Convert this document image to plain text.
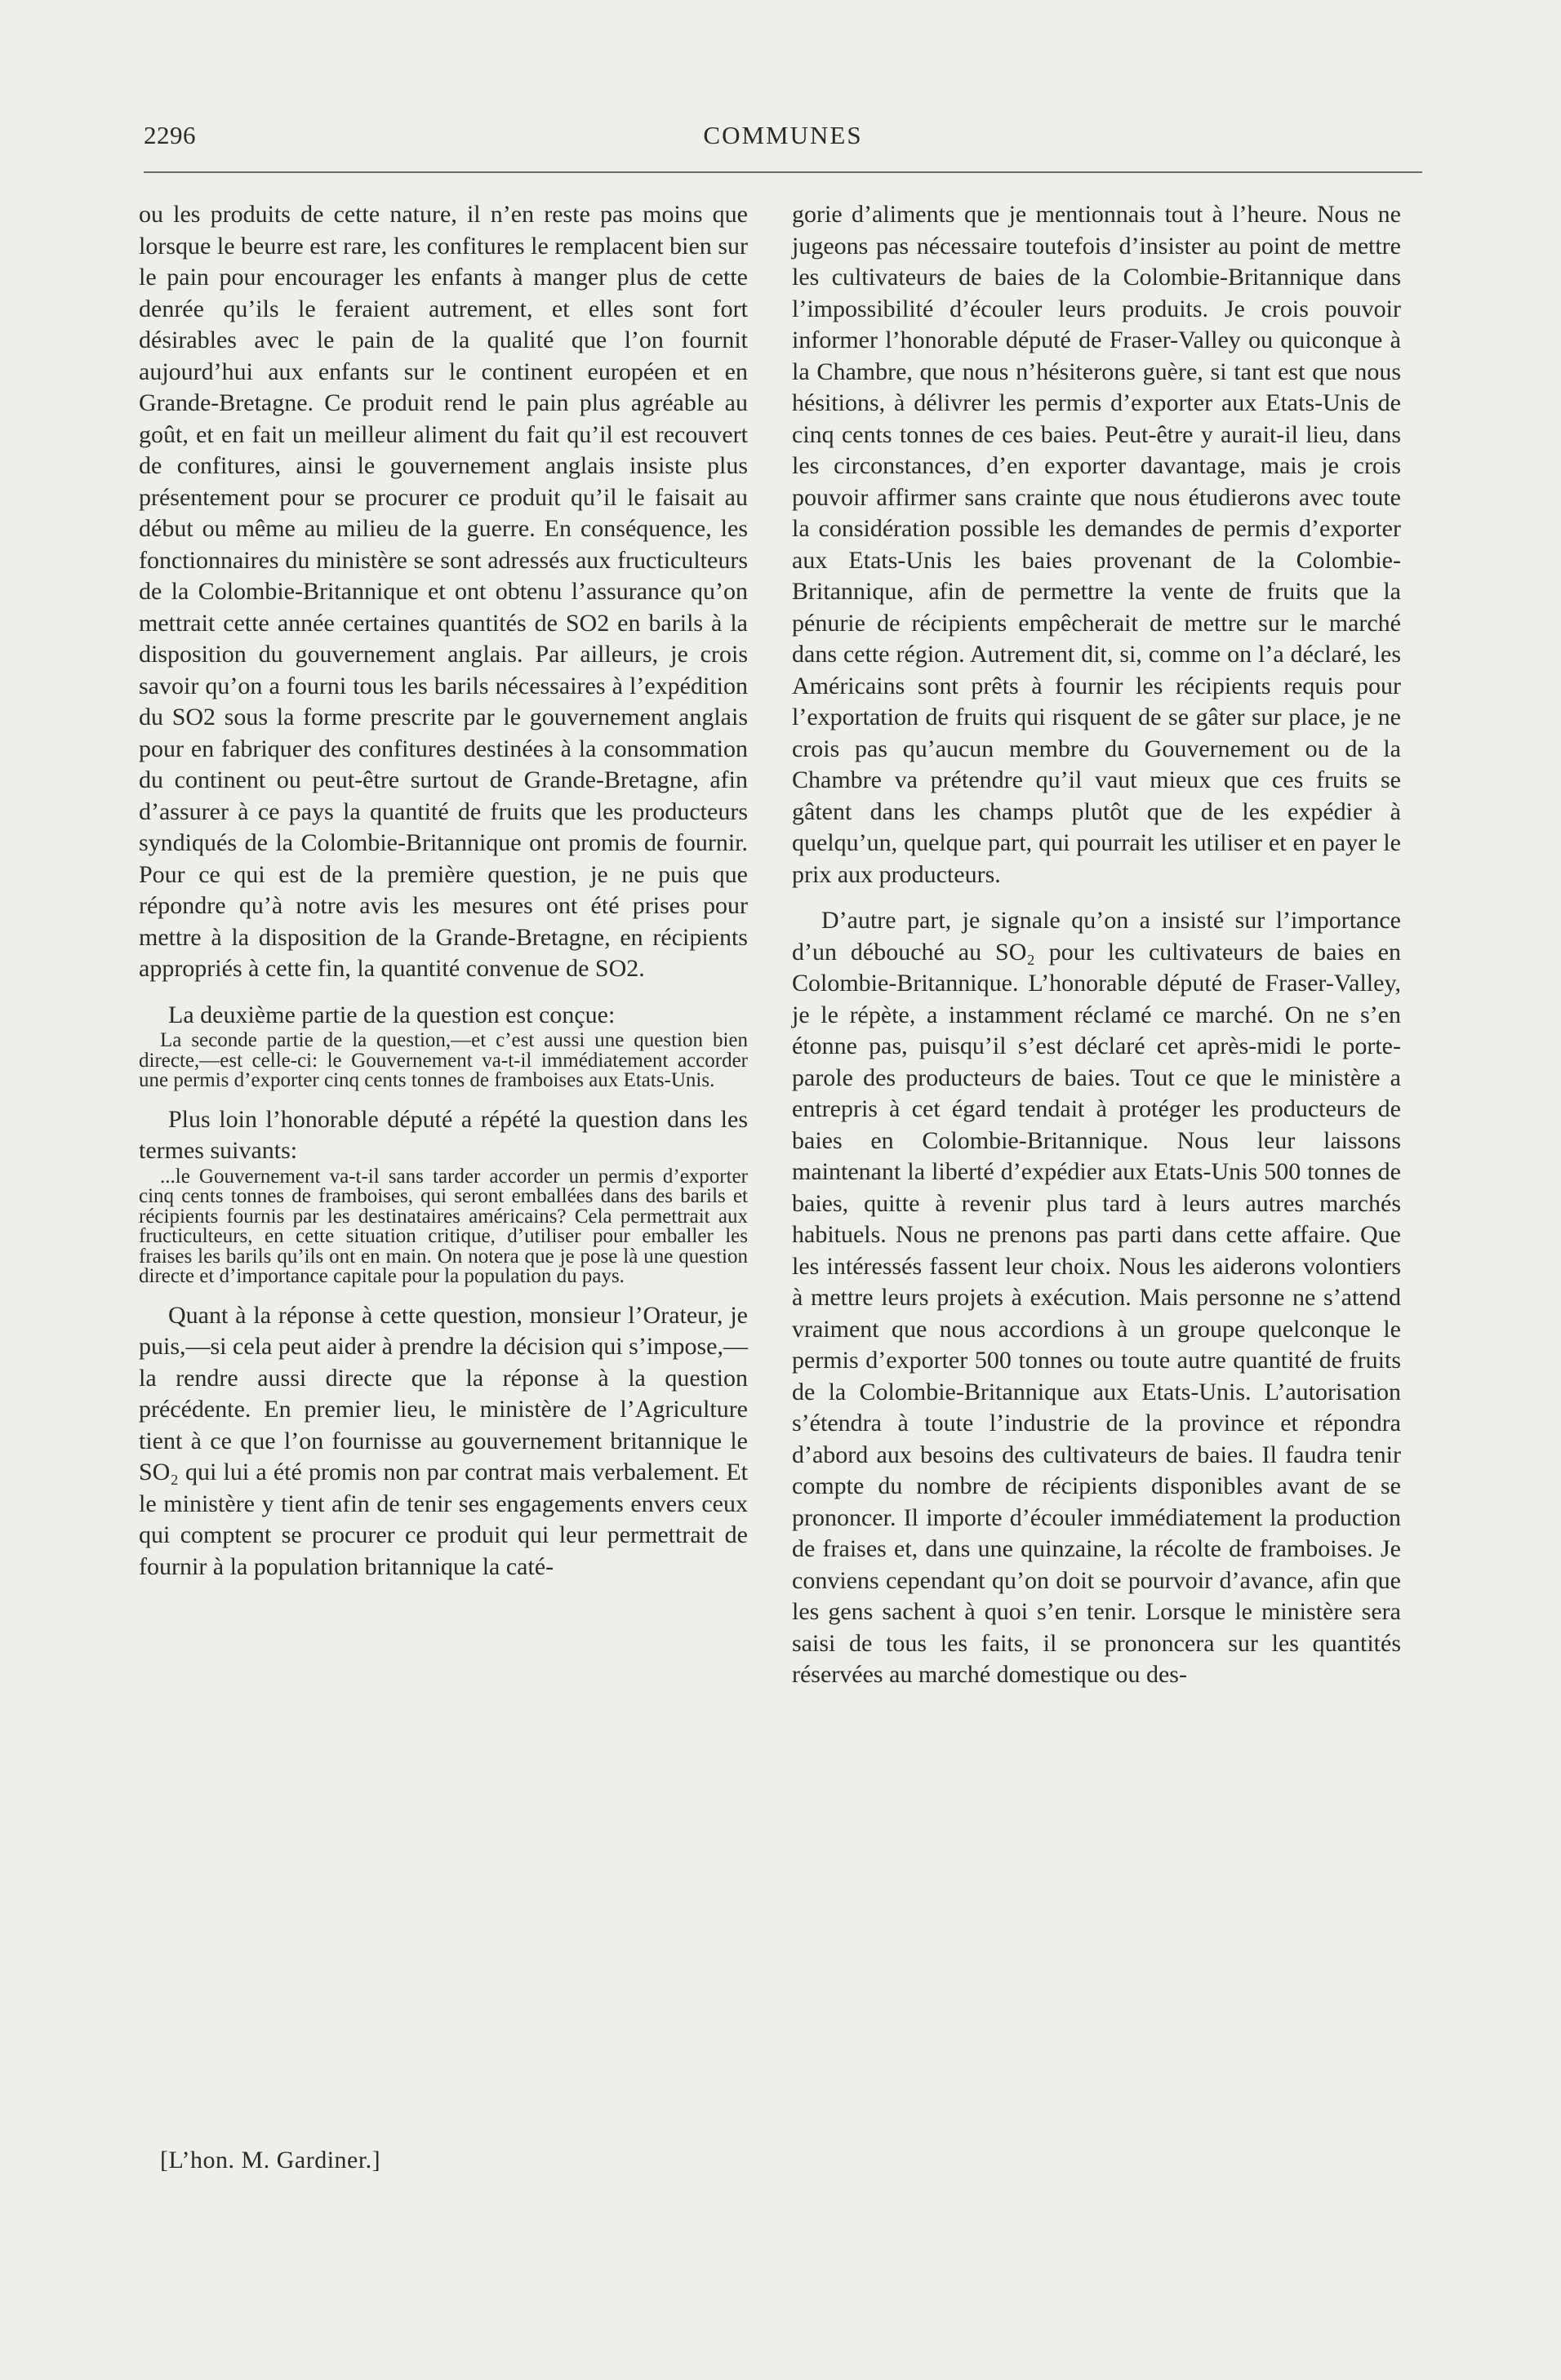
2296	COMMUNES

ou les produits de cette nature, il n’en reste pas moins que lorsque le beurre est rare, les confitures le remplacent bien sur le pain pour encourager les enfants à manger plus de cette denrée qu’ils le feraient autrement, et elles sont fort désirables avec le pain de la qualité que l’on fournit aujourd’hui aux enfants sur le continent européen et en Grande-Bretagne. Ce produit rend le pain plus agréable au goût, et en fait un meilleur aliment du fait qu’il est recouvert de confitures, ainsi le gouvernement anglais insiste plus présentement pour se procurer ce produit qu’il le faisait au début ou même au milieu de la guerre. En conséquence, les fonctionnaires du ministère se sont adressés aux fructiculteurs de la Colombie-Britannique et ont obtenu l’assurance qu’on mettrait cette année certaines quantités de SO2 en barils à la disposition du gouvernement anglais. Par ailleurs, je crois savoir qu’on a fourni tous les barils nécessaires à l’expédition du SO2 sous la forme prescrite par le gouvernement anglais pour en fabriquer des confitures destinées à la consommation du continent ou peut-être surtout de Grande-Bretagne, afin d’assurer à ce pays la quantité de fruits que les producteurs syndiqués de la Colombie-Britannique ont promis de fournir. Pour ce qui est de la première question, je ne puis que répondre qu’à notre avis les mesures ont été prises pour mettre à la disposition de la Grande-Bretagne, en récipients appropriés à cette fin, la quantité convenue de SO2.

La deuxième partie de la question est conçue:

La seconde partie de la question,—et c’est aussi une question bien directe,—est celle-ci: le Gouvernement va-t-il immédiatement accorder une permis d’exporter cinq cents tonnes de framboises aux Etats-Unis.

Plus loin l’honorable député a répété la question dans les termes suivants:

...le Gouvernement va-t-il sans tarder accorder un permis d’exporter cinq cents tonnes de framboises, qui seront emballées dans des barils et récipients fournis par les destinataires américains? Cela permettrait aux fructiculteurs, en cette situation critique, d’utiliser pour emballer les fraises les barils qu’ils ont en main. On notera que je pose là une question directe et d’importance capitale pour la population du pays.

Quant à la réponse à cette question, monsieur l’Orateur, je puis,—si cela peut aider à prendre la décision qui s’impose,—la rendre aussi directe que la réponse à la question précédente. En premier lieu, le ministère de l’Agriculture tient à ce que l’on fournisse au gouvernement britannique le SO₂ qui lui a été promis non par contrat mais verbalement. Et le ministère y tient afin de tenir ses engagements envers ceux qui comptent se procurer ce produit qui leur permettrait de fournir à la population britannique la caté-

[L’hon. M. Gardiner.]

gorie d’aliments que je mentionnais tout à l’heure. Nous ne jugeons pas nécessaire toutefois d’insister au point de mettre les cultivateurs de baies de la Colombie-Britannique dans l’impossibilité d’écouler leurs produits. Je crois pouvoir informer l’honorable député de Fraser-Valley ou quiconque à la Chambre, que nous n’hésiterons guère, si tant est que nous hésitions, à délivrer les permis d’exporter aux Etats-Unis de cinq cents tonnes de ces baies. Peut-être y aurait-il lieu, dans les circonstances, d’en exporter davantage, mais je crois pouvoir affirmer sans crainte que nous étudierons avec toute la considération possible les demandes de permis d’exporter aux Etats-Unis les baies provenant de la Colombie-Britannique, afin de permettre la vente de fruits que la pénurie de récipients empêcherait de mettre sur le marché dans cette région. Autrement dit, si, comme on l’a déclaré, les Américains sont prêts à fournir les récipients requis pour l’exportation de fruits qui risquent de se gâter sur place, je ne crois pas qu’aucun membre du Gouvernement ou de la Chambre va prétendre qu’il vaut mieux que ces fruits se gâtent dans les champs plutôt que de les expédier à quelqu’un, quelque part, qui pourrait les utiliser et en payer le prix aux producteurs.

D’autre part, je signale qu’on a insisté sur l’importance d’un débouché au SO₂ pour les cultivateurs de baies en Colombie-Britannique. L’honorable député de Fraser-Valley, je le répète, a instamment réclamé ce marché. On ne s’en étonne pas, puisqu’il s’est déclaré cet après-midi le porte-parole des producteurs de baies. Tout ce que le ministère a entrepris à cet égard tendait à protéger les producteurs de baies en Colombie-Britannique. Nous leur laissons maintenant la liberté d’expédier aux Etats-Unis 500 tonnes de baies, quitte à revenir plus tard à leurs autres marchés habituels. Nous ne prenons pas parti dans cette affaire. Que les intéressés fassent leur choix. Nous les aiderons volontiers à mettre leurs projets à exécution. Mais personne ne s’attend vraiment que nous accordions à un groupe quelconque le permis d’exporter 500 tonnes ou toute autre quantité de fruits de la Colombie-Britannique aux Etats-Unis. L’autorisation s’étendra à toute l’industrie de la province et répondra d’abord aux besoins des cultivateurs de baies. Il faudra tenir compte du nombre de récipients disponibles avant de se prononcer. Il importe d’écouler immédiatement la production de fraises et, dans une quinzaine, la récolte de framboises. Je conviens cependant qu’on doit se pourvoir d’avance, afin que les gens sachent à quoi s’en tenir. Lorsque le ministère sera saisi de tous les faits, il se prononcera sur les quantités réservées au marché domestique ou des-
